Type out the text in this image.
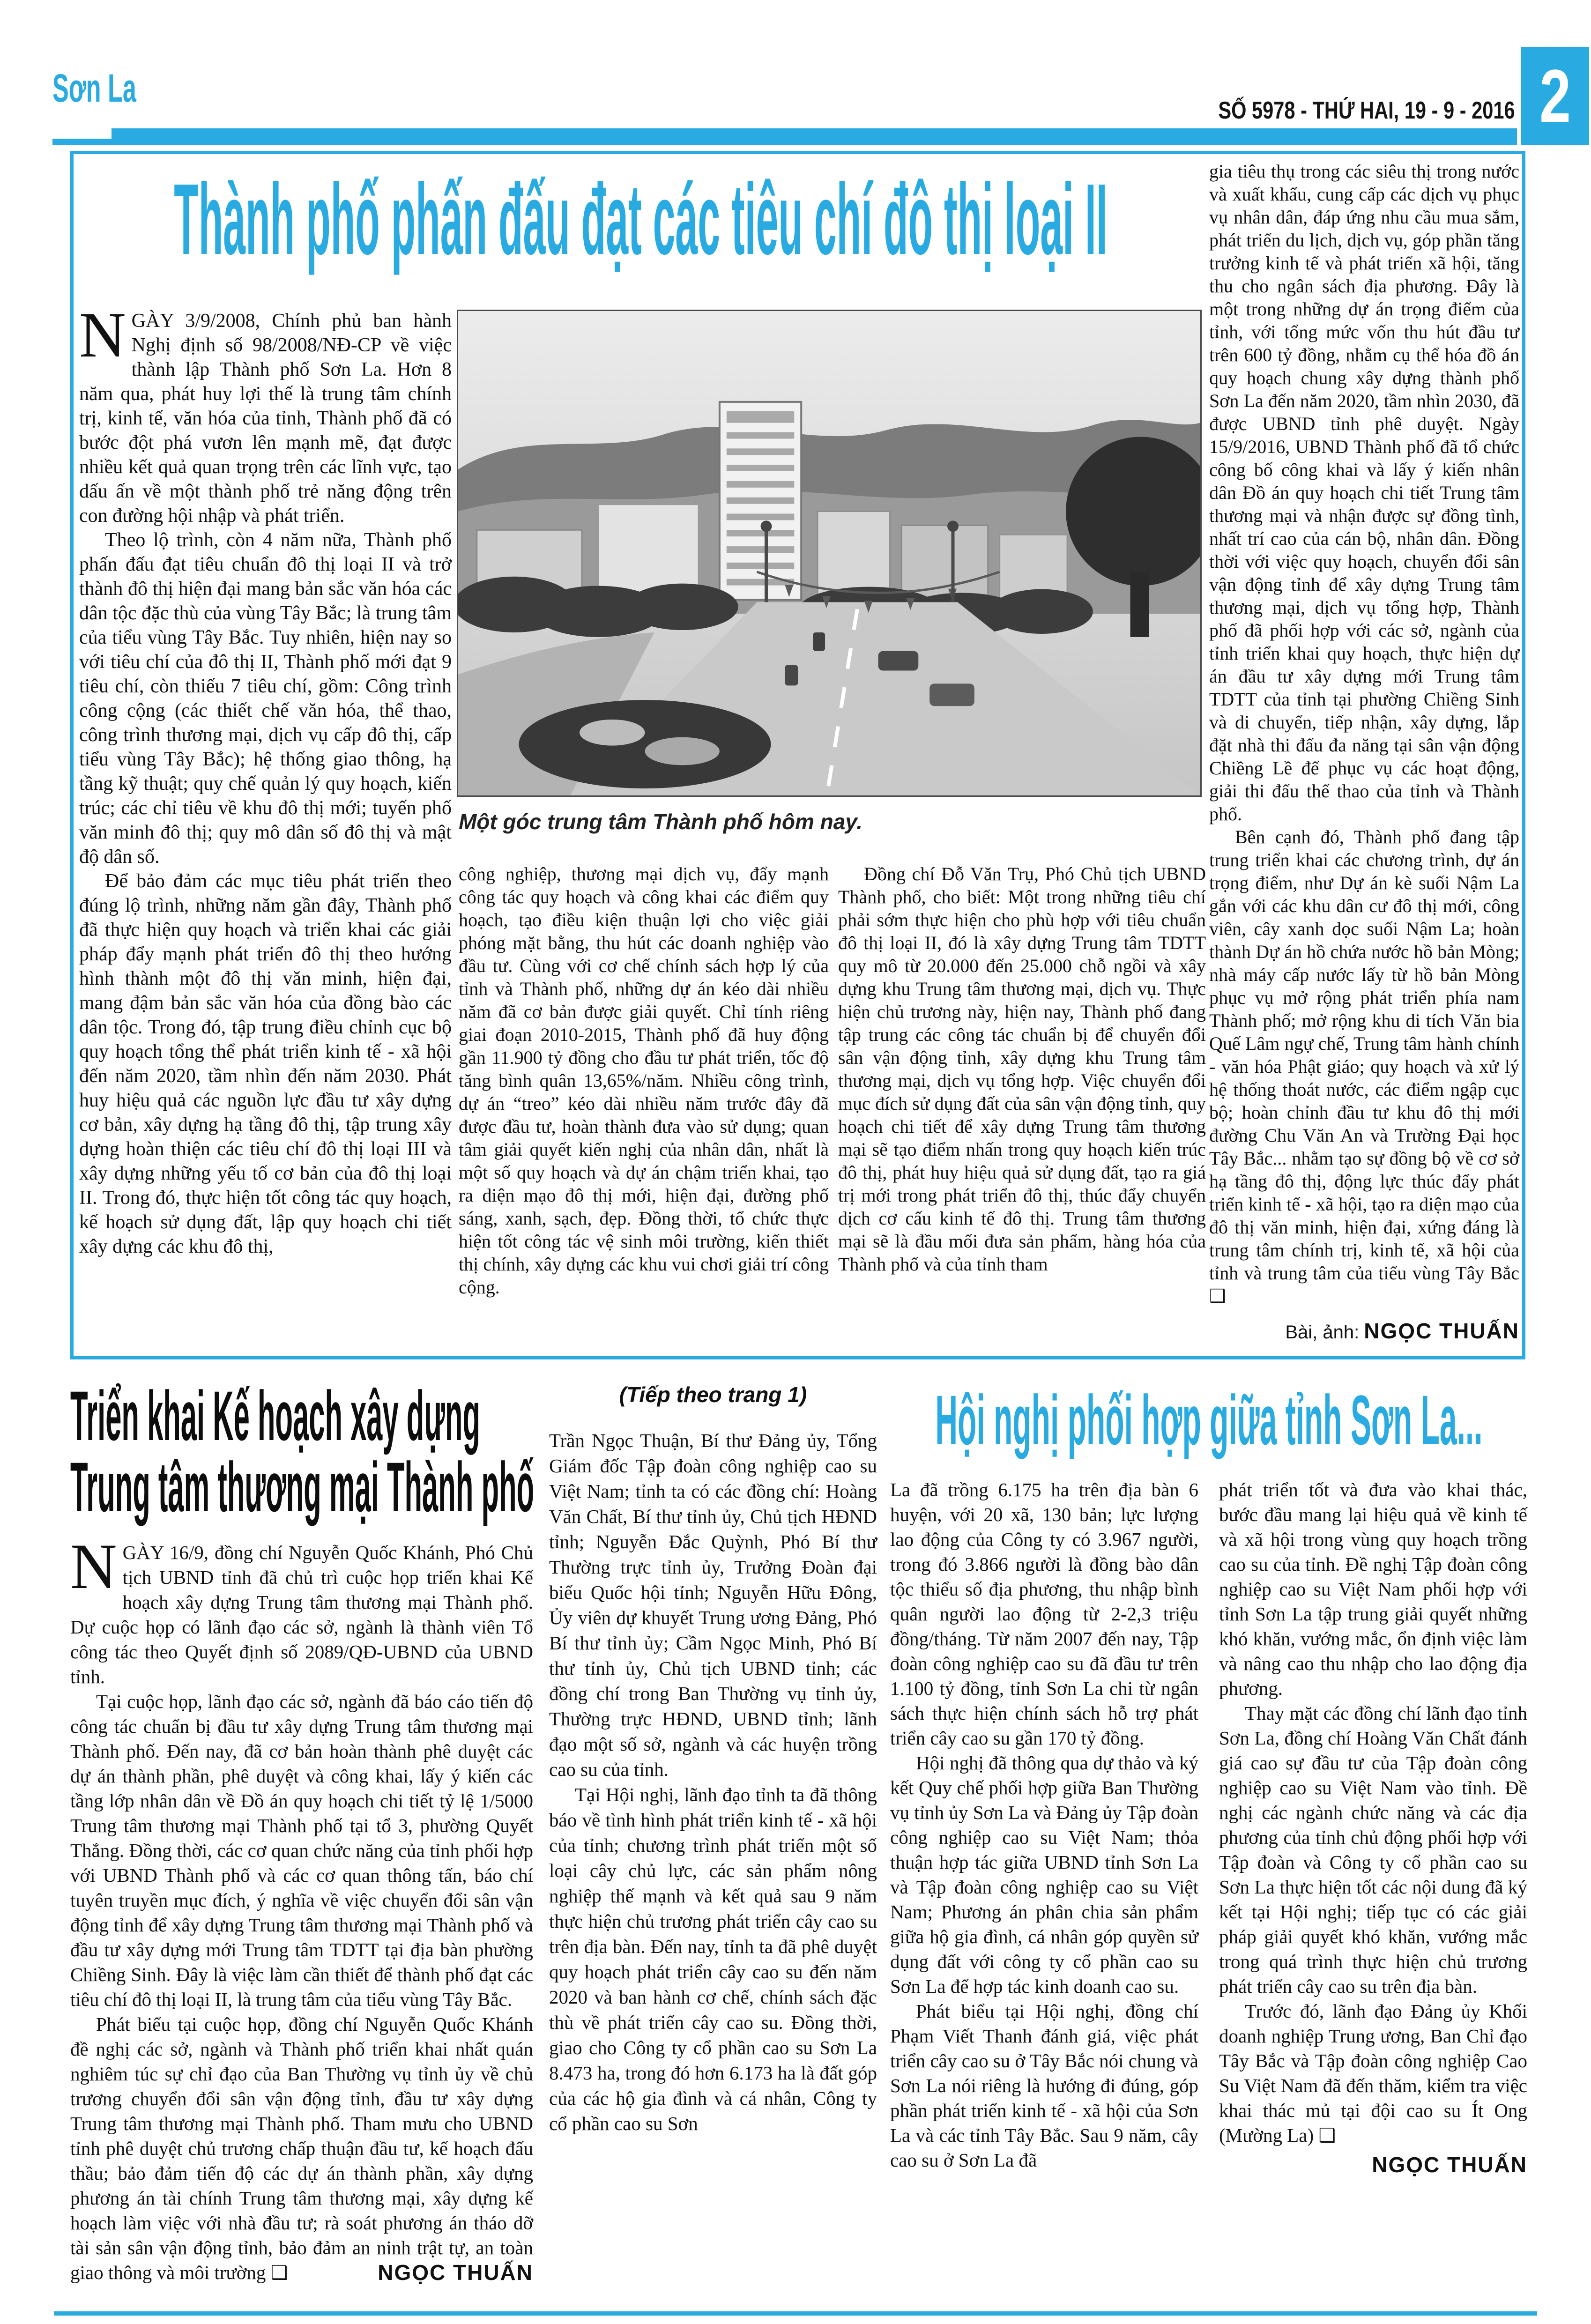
Sơn La
SỐ 5978 - THỨ HAI, 19 - 9 - 2016 2
Thành phố phấn đấu đạt các tiêu chí đô thị loại II
Một góc trung tâm Thành phố hôm nay.

NGÀY 3/9/2008, Chính phủ ban hành Nghị định số 98/2008/NĐ-CP về việc thành lập Thành phố Sơn La. Hơn 8 năm qua, phát huy lợi thế là trung tâm chính trị, kinh tế, văn hóa của tỉnh, Thành phố đã có bước đột phá vươn lên mạnh mẽ, đạt được nhiều kết quả quan trọng trên các lĩnh vực, tạo dấu ấn về một thành phố trẻ năng động trên con đường hội nhập và phát triển.

Theo lộ trình, còn 4 năm nữa, Thành phố phấn đấu đạt tiêu chuẩn đô thị loại II và trở thành đô thị hiện đại mang bản sắc văn hóa các dân tộc đặc thù của vùng Tây Bắc; là trung tâm của tiểu vùng Tây Bắc. Tuy nhiên, hiện nay so với tiêu chí của đô thị II, Thành phố mới đạt 9 tiêu chí, còn thiếu 7 tiêu chí, gồm: Công trình công cộng (các thiết chế văn hóa, thể thao, công trình thương mại, dịch vụ cấp đô thị, cấp tiểu vùng Tây Bắc); hệ thống giao thông, hạ tầng kỹ thuật; quy chế quản lý quy hoạch, kiến trúc; các chỉ tiêu về khu đô thị mới; tuyến phố văn minh đô thị; quy mô dân số đô thị và mật độ dân số.

Để bảo đảm các mục tiêu phát triển theo đúng lộ trình, những năm gần đây, Thành phố đã thực hiện quy hoạch và triển khai các giải pháp đẩy mạnh phát triển đô thị theo hướng hình thành một đô thị văn minh, hiện đại, mang đậm bản sắc văn hóa của đồng bào các dân tộc. Trong đó, tập trung điều chỉnh cục bộ quy hoạch tổng thể phát triển kinh tế - xã hội đến năm 2020, tầm nhìn đến năm 2030. Phát huy hiệu quả các nguồn lực đầu tư xây dựng cơ bản, xây dựng hạ tầng đô thị, tập trung xây dựng hoàn thiện các tiêu chí đô thị loại III và xây dựng những yếu tố cơ bản của đô thị loại II. Trong đó, thực hiện tốt công tác quy hoạch, kế hoạch sử dụng đất, lập quy hoạch chi tiết xây dựng các khu đô thị,

công nghiệp, thương mại dịch vụ, đẩy mạnh công tác quy hoạch và công khai các điểm quy hoạch, tạo điều kiện thuận lợi cho việc giải phóng mặt bằng, thu hút các doanh nghiệp vào đầu tư. Cùng với cơ chế chính sách hợp lý của tỉnh và Thành phố, những dự án kéo dài nhiều năm đã cơ bản được giải quyết. Chỉ tính riêng giai đoạn 2010-2015, Thành phố đã huy động gần 11.900 tỷ đồng cho đầu tư phát triển, tốc độ tăng bình quân 13,65%/năm. Nhiều công trình, dự án “treo” kéo dài nhiều năm trước đây đã được đầu tư, hoàn thành đưa vào sử dụng; quan tâm giải quyết kiến nghị của nhân dân, nhất là một số quy hoạch và dự án chậm triển khai, tạo ra diện mạo đô thị mới, hiện đại, đường phố sáng, xanh, sạch, đẹp. Đồng thời, tổ chức thực hiện tốt công tác vệ sinh môi trường, kiến thiết thị chính, xây dựng các khu vui chơi giải trí công cộng.

Đồng chí Đỗ Văn Trụ, Phó Chủ tịch UBND Thành phố, cho biết: Một trong những tiêu chí phải sớm thực hiện cho phù hợp với tiêu chuẩn đô thị loại II, đó là xây dựng Trung tâm TDTT quy mô từ 20.000 đến 25.000 chỗ ngồi và xây dựng khu Trung tâm thương mại, dịch vụ. Thực hiện chủ trương này, hiện nay, Thành phố đang tập trung các công tác chuẩn bị để chuyển đổi sân vận động tỉnh, xây dựng khu Trung tâm thương mại, dịch vụ tổng hợp. Việc chuyển đổi mục đích sử dụng đất của sân vận động tỉnh, quy hoạch chi tiết để xây dựng Trung tâm thương mại sẽ tạo điểm nhấn trong quy hoạch kiến trúc đô thị, phát huy hiệu quả sử dụng đất, tạo ra giá trị mới trong phát triển đô thị, thúc đẩy chuyển dịch cơ cấu kinh tế đô thị. Trung tâm thương mại sẽ là đầu mối đưa sản phẩm, hàng hóa của Thành phố và của tỉnh tham

gia tiêu thụ trong các siêu thị trong nước và xuất khẩu, cung cấp các dịch vụ phục vụ nhân dân, đáp ứng nhu cầu mua sắm, phát triển du lịch, dịch vụ, góp phần tăng trưởng kinh tế và phát triển xã hội, tăng thu cho ngân sách địa phương. Đây là một trong những dự án trọng điểm của tỉnh, với tổng mức vốn thu hút đầu tư trên 600 tỷ đồng, nhằm cụ thể hóa đồ án quy hoạch chung xây dựng thành phố Sơn La đến năm 2020, tầm nhìn 2030, đã được UBND tỉnh phê duyệt. Ngày 15/9/2016, UBND Thành phố đã tổ chức công bố công khai và lấy ý kiến nhân dân Đồ án quy hoạch chi tiết Trung tâm thương mại và nhận được sự đồng tình, nhất trí cao của cán bộ, nhân dân. Đồng thời với việc quy hoạch, chuyển đổi sân vận động tỉnh để xây dựng Trung tâm thương mại, dịch vụ tổng hợp, Thành phố đã phối hợp với các sở, ngành của tỉnh triển khai quy hoạch, thực hiện dự án đầu tư xây dựng mới Trung tâm TDTT của tỉnh tại phường Chiềng Sinh và di chuyển, tiếp nhận, xây dựng, lắp đặt nhà thi đấu đa năng tại sân vận động Chiềng Lề để phục vụ các hoạt động, giải thi đấu thể thao của tỉnh và Thành phố.

Bên cạnh đó, Thành phố đang tập trung triển khai các chương trình, dự án trọng điểm, như Dự án kè suối Nậm La gắn với các khu dân cư đô thị mới, công viên, cây xanh dọc suối Nậm La; hoàn thành Dự án hồ chứa nước hồ bản Mòng; nhà máy cấp nước lấy từ hồ bản Mòng phục vụ mở rộng phát triển phía nam Thành phố; mở rộng khu di tích Văn bia Quế Lâm ngự chế, Trung tâm hành chính - văn hóa Phật giáo; quy hoạch và xử lý hệ thống thoát nước, các điểm ngập cục bộ; hoàn chỉnh đầu tư khu đô thị mới đường Chu Văn An và Trường Đại học Tây Bắc... nhằm tạo sự đồng bộ về cơ sở hạ tầng đô thị, động lực thúc đẩy phát triển kinh tế - xã hội, tạo ra diện mạo của đô thị văn minh, hiện đại, xứng đáng là trung tâm chính trị, kinh tế, xã hội của tỉnh và trung tâm của tiểu vùng Tây Bắc ❑

Bài, ảnh: NGỌC THUẤN
Triển khai Kế hoạch xây dựng
Trung tâm thương mại Thành phố

NGÀY 16/9, đồng chí Nguyễn Quốc Khánh, Phó Chủ tịch UBND tỉnh đã chủ trì cuộc họp triển khai Kế hoạch xây dựng Trung tâm thương mại Thành phố. Dự cuộc họp có lãnh đạo các sở, ngành là thành viên Tổ công tác theo Quyết định số 2089/QĐ-UBND của UBND tỉnh.

Tại cuộc họp, lãnh đạo các sở, ngành đã báo cáo tiến độ công tác chuẩn bị đầu tư xây dựng Trung tâm thương mại Thành phố. Đến nay, đã cơ bản hoàn thành phê duyệt các dự án thành phần, phê duyệt và công khai, lấy ý kiến các tầng lớp nhân dân về Đồ án quy hoạch chi tiết tỷ lệ 1/5000 Trung tâm thương mại Thành phố tại tổ 3, phường Quyết Thắng. Đồng thời, các cơ quan chức năng của tỉnh phối hợp với UBND Thành phố và các cơ quan thông tấn, báo chí tuyên truyền mục đích, ý nghĩa về việc chuyển đổi sân vận động tỉnh để xây dựng Trung tâm thương mại Thành phố và đầu tư xây dựng mới Trung tâm TDTT tại địa bàn phường Chiềng Sinh. Đây là việc làm cần thiết để thành phố đạt các tiêu chí đô thị loại II, là trung tâm của tiểu vùng Tây Bắc.

Phát biểu tại cuộc họp, đồng chí Nguyễn Quốc Khánh đề nghị các sở, ngành và Thành phố triển khai nhất quán nghiêm túc sự chỉ đạo của Ban Thường vụ tỉnh ủy về chủ trương chuyển đổi sân vận động tỉnh, đầu tư xây dựng Trung tâm thương mại Thành phố. Tham mưu cho UBND tỉnh phê duyệt chủ trương chấp thuận đầu tư, kế hoạch đấu thầu; bảo đảm tiến độ các dự án thành phần, xây dựng phương án tài chính Trung tâm thương mại, xây dựng kế hoạch làm việc với nhà đầu tư; rà soát phương án tháo dỡ tài sản sân vận động tỉnh, bảo đảm an ninh trật tự, an toàn giao thông và môi trường ❑	NGỌC THUẤN
(Tiếp theo trang 1)

Trần Ngọc Thuận, Bí thư Đảng ủy, Tổng Giám đốc Tập đoàn công nghiệp cao su Việt Nam; tỉnh ta có các đồng chí: Hoàng Văn Chất, Bí thư tỉnh ủy, Chủ tịch HĐND tỉnh; Nguyễn Đắc Quỳnh, Phó Bí thư Thường trực tỉnh ủy, Trưởng Đoàn đại biểu Quốc hội tỉnh; Nguyễn Hữu Đông, Ủy viên dự khuyết Trung ương Đảng, Phó Bí thư tỉnh ủy; Cầm Ngọc Minh, Phó Bí thư tỉnh ủy, Chủ tịch UBND tỉnh; các đồng chí trong Ban Thường vụ tỉnh ủy, Thường trực HĐND, UBND tỉnh; lãnh đạo một số sở, ngành và các huyện trồng cao su của tỉnh.

Tại Hội nghị, lãnh đạo tỉnh ta đã thông báo về tình hình phát triển kinh tế - xã hội của tỉnh; chương trình phát triển một số loại cây chủ lực, các sản phẩm nông nghiệp thế mạnh và kết quả sau 9 năm thực hiện chủ trương phát triển cây cao su trên địa bàn. Đến nay, tỉnh ta đã phê duyệt quy hoạch phát triển cây cao su đến năm 2020 và ban hành cơ chế, chính sách đặc thù về phát triển cây cao su. Đồng thời, giao cho Công ty cổ phần cao su Sơn La 8.473 ha, trong đó hơn 6.173 ha là đất góp của các hộ gia đình và cá nhân, Công ty cổ phần cao su Sơn

Hội nghị phối hợp giữa tỉnh Sơn La...

La đã trồng 6.175 ha trên địa bàn 6 huyện, với 20 xã, 130 bản; lực lượng lao động của Công ty có 3.967 người, trong đó 3.866 người là đồng bào dân tộc thiểu số địa phương, thu nhập bình quân người lao động từ 2-2,3 triệu đồng/tháng. Từ năm 2007 đến nay, Tập đoàn công nghiệp cao su đã đầu tư trên 1.100 tỷ đồng, tỉnh Sơn La chi từ ngân sách thực hiện chính sách hỗ trợ phát triển cây cao su gần 170 tỷ đồng.

Hội nghị đã thông qua dự thảo và ký kết Quy chế phối hợp giữa Ban Thường vụ tỉnh ủy Sơn La và Đảng ủy Tập đoàn công nghiệp cao su Việt Nam; thỏa thuận hợp tác giữa UBND tỉnh Sơn La và Tập đoàn công nghiệp cao su Việt Nam; Phương án phân chia sản phẩm giữa hộ gia đình, cá nhân góp quyền sử dụng đất với công ty cổ phần cao su Sơn La để hợp tác kinh doanh cao su.

Phát biểu tại Hội nghị, đồng chí Phạm Viết Thanh đánh giá, việc phát triển cây cao su ở Tây Bắc nói chung và Sơn La nói riêng là hướng đi đúng, góp phần phát triển kinh tế - xã hội của Sơn La và các tỉnh Tây Bắc. Sau 9 năm, cây cao su ở Sơn La đã

phát triển tốt và đưa vào khai thác, bước đầu mang lại hiệu quả về kinh tế và xã hội trong vùng quy hoạch trồng cao su của tỉnh. Đề nghị Tập đoàn công nghiệp cao su Việt Nam phối hợp với tỉnh Sơn La tập trung giải quyết những khó khăn, vướng mắc, ổn định việc làm và nâng cao thu nhập cho lao động địa phương.

Thay mặt các đồng chí lãnh đạo tỉnh Sơn La, đồng chí Hoàng Văn Chất đánh giá cao sự đầu tư của Tập đoàn công nghiệp cao su Việt Nam vào tỉnh. Đề nghị các ngành chức năng và các địa phương của tỉnh chủ động phối hợp với Tập đoàn và Công ty cổ phần cao su Sơn La thực hiện tốt các nội dung đã ký kết tại Hội nghị; tiếp tục có các giải pháp giải quyết khó khăn, vướng mắc trong quá trình thực hiện chủ trương phát triển cây cao su trên địa bàn.

Trước đó, lãnh đạo Đảng ủy Khối doanh nghiệp Trung ương, Ban Chỉ đạo Tây Bắc và Tập đoàn công nghiệp Cao Su Việt Nam đã đến thăm, kiểm tra việc khai thác mủ tại đội cao su Ít Ong (Mường La) ❑

NGỌC THUẤN
